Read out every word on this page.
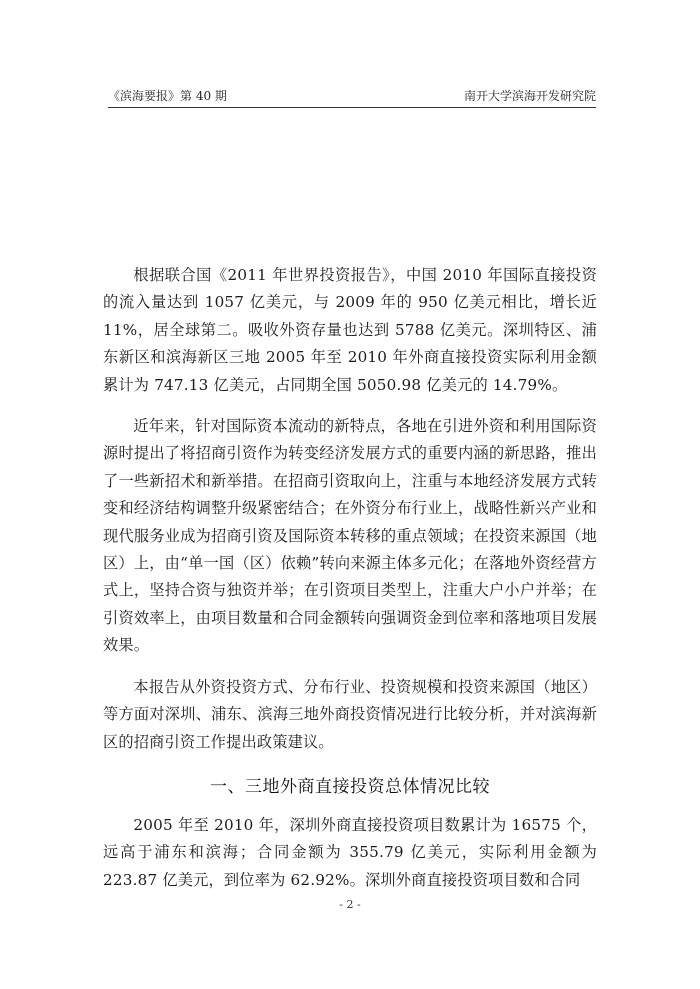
《滨海要报》第 40 期	南开大学滨海开发研究院

根据联合国《2011 年世界投资报告》，中国 2010 年国际直接投资的流入量达到 1057 亿美元，与 2009 年的 950 亿美元相比，增长近 11%，居全球第二。吸收外资存量也达到 5788 亿美元。深圳特区、浦东新区和滨海新区三地 2005 年至 2010 年外商直接投资实际利用金额累计为 747.13 亿美元，占同期全国 5050.98 亿美元的 14.79%。

近年来，针对国际资本流动的新特点，各地在引进外资和利用国际资源时提出了将招商引资作为转变经济发展方式的重要内涵的新思路，推出了一些新招术和新举措。在招商引资取向上，注重与本地经济发展方式转变和经济结构调整升级紧密结合；在外资分布行业上，战略性新兴产业和现代服务业成为招商引资及国际资本转移的重点领域；在投资来源国（地区）上，由“单一国（区）依赖”转向来源主体多元化；在落地外资经营方式上，坚持合资与独资并举；在引资项目类型上，注重大户小户并举；在引资效率上，由项目数量和合同金额转向强调资金到位率和落地项目发展效果。

本报告从外资投资方式、分布行业、投资规模和投资来源国（地区）等方面对深圳、浦东、滨海三地外商投资情况进行比较分析，并对滨海新区的招商引资工作提出政策建议。

一、三地外商直接投资总体情况比较

2005 年至 2010 年，深圳外商直接投资项目数累计为 16575 个，远高于浦东和滨海；合同金额为 355.79 亿美元，实际利用金额为 223.87 亿美元，到位率为 62.92%。深圳外商直接投资项目数和合同

- 2 -
